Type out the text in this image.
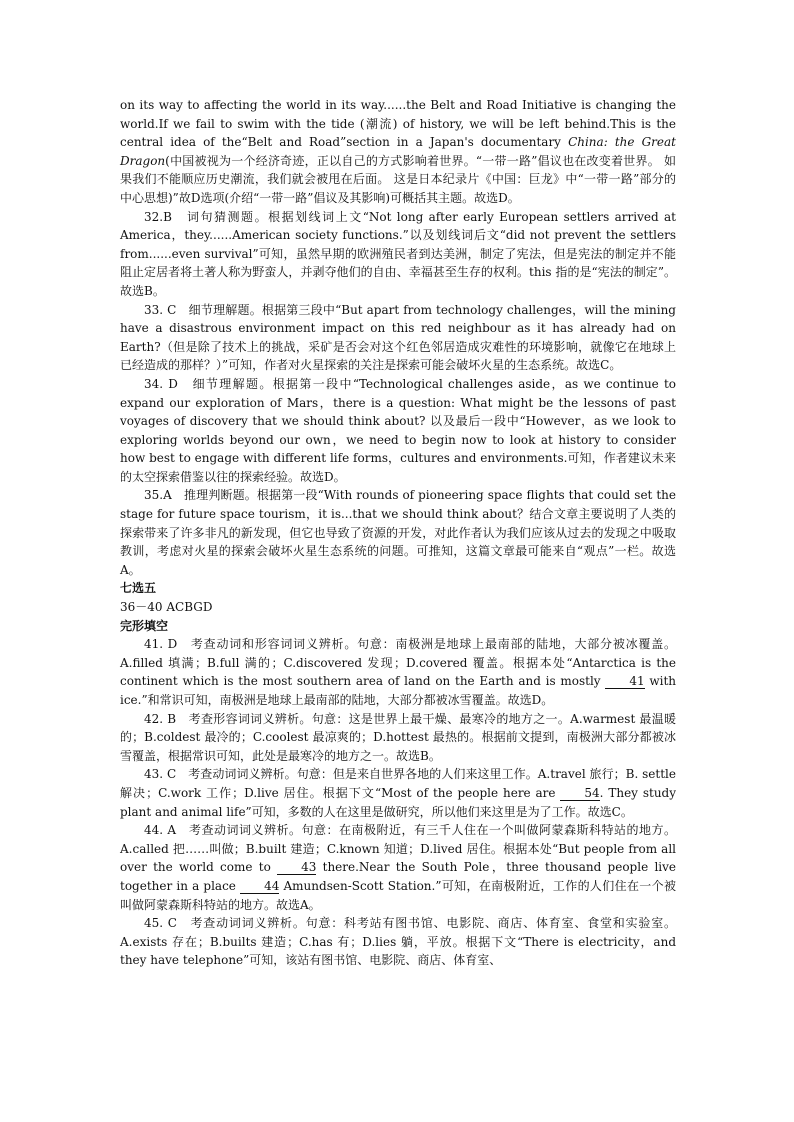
on its way to affecting the world in its way......the Belt and Road Initiative is changing the world.If we fail to swim with the tide (潮流) of history, we will be left behind.This is the central idea of the“Belt and Road”section in a Japan's documentary China: the Great Dragon(中国被视为一个经济奇迹，正以自己的方式影响着世界。“一带一路”倡议也在改变着世界。 如果我们不能顺应历史潮流，我们就会被甩在后面。 这是日本纪录片《中国：巨龙》中“一带一路”部分的中心思想)”故D选项(介绍“一带一路”倡议及其影响)可概括其主题。故选D。

32.B　词句猜测题。根据划线词上文“Not long after early European settlers arrived at America，they......American society functions.”以及划线词后文“did not prevent the settlers from......even survival”可知，虽然早期的欧洲殖民者到达美洲，制定了宪法，但是宪法的制定并不能阻止定居者将土著人称为野蛮人，并剥夺他们的自由、幸福甚至生存的权利。this 指的是“宪法的制定”。故选B。

33. C　细节理解题。根据第三段中“But apart from technology challenges，will the mining have a disastrous environment impact on this red neighbour as it has already had on Earth?（但是除了技术上的挑战，采矿是否会对这个红色邻居造成灾难性的环境影响，就像它在地球上已经造成的那样？）”可知，作者对火星探索的关注是探索可能会破坏火星的生态系统。故选C。

34. D　细节理解题。根据第一段中“Technological challenges aside，as we continue to expand our exploration of Mars，there is a question: What might be the lessons of past voyages of discovery that we should think about? 以及最后一段中“However，as we look to exploring worlds beyond our own，we need to begin now to look at history to consider how best to engage with different life forms，cultures and environments.可知，作者建议未来的太空探索借鉴以往的探索经验。故选D。

35.A　推理判断题。根据第一段“With rounds of pioneering space flights that could set the stage for future space tourism，it is...that we should think about？结合文章主要说明了人类的探索带来了许多非凡的新发现，但它也导致了资源的开发，对此作者认为我们应该从过去的发现之中吸取教训，考虑对火星的探索会破坏火星生态系统的问题。可推知，这篇文章最可能来自“观点”一栏。故选A。

七选五

36－40 ACBGD

完形填空

41. D　考查动词和形容词词义辨析。句意：南极洲是地球上最南部的陆地，大部分被冰覆盖。A.filled 填满；B.full 满的；C.discovered 发现；D.covered 覆盖。根据本处“Antarctica is the continent which is the most southern area of land on the Earth and is mostly 41 with ice.”和常识可知，南极洲是地球上最南部的陆地，大部分都被冰雪覆盖。故选D。

42. B　考查形容词词义辨析。句意：这是世界上最干燥、最寒冷的地方之一。A.warmest 最温暖的；B.coldest 最冷的；C.coolest 最凉爽的；D.hottest 最热的。根据前文提到，南极洲大部分都被冰雪覆盖，根据常识可知，此处是最寒冷的地方之一。故选B。

43. C　考查动词词义辨析。句意：但是来自世界各地的人们来这里工作。A.travel 旅行；B. settle 解决；C.work 工作；D.live 居住。根据下文“Most of the people here are 54. They study plant and animal life”可知，多数的人在这里是做研究，所以他们来这里是为了工作。故选C。

44. A　考查动词词义辨析。句意：在南极附近，有三千人住在一个叫做阿蒙森斯科特站的地方。A.called 把……叫做；B.built 建造；C.known 知道；D.lived 居住。根据本处“But people from all over the world come to 43 there.Near the South Pole，three thousand people live together in a place 44 Amundsen-Scott Station.”可知，在南极附近，工作的人们住在一个被叫做阿蒙森斯科特站的地方。故选A。

45. C　考查动词词义辨析。句意：科考站有图书馆、电影院、商店、体育室、食堂和实验室。A.exists 存在；B.builts 建造；C.has 有；D.lies 躺，平放。根据下文“There is electricity，and they have telephone”可知，该站有图书馆、电影院、商店、体育室、
